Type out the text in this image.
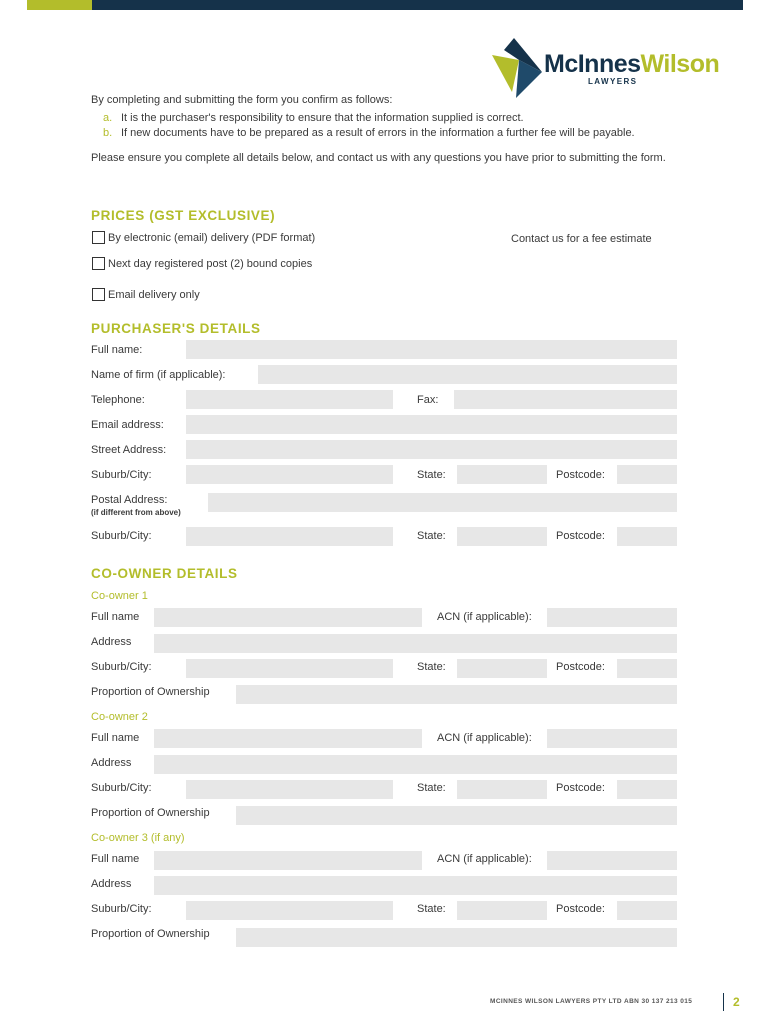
McInnesWilson
LAWYERS

By completing and submitting the form you confirm as follows:

a. It is the purchaser's responsibility to ensure that the information supplied is correct.
b. If new documents have to be prepared as a result of errors in the information a further fee will be payable.

Please ensure you complete all details below, and contact us with any questions you have prior to submitting the form.

PRICES (GST EXCLUSIVE)
By electronic (email) delivery (PDF format)	Contact us for a fee estimate
Next day registered post (2) bound copies
Email delivery only
PURCHASER'S DETAILS
Full name:
Name of firm (if applicable):
Telephone:	Fax:
Email address:
Street Address:
Suburb/City:	State:	Postcode:
Postal Address:
(if different from above)
Suburb/City:	State:	Postcode:
CO-OWNER DETAILS
Co-owner 1
Full name	ACN (if applicable):
Address
Suburb/City:	State:	Postcode:
Proportion of Ownership
Co-owner 2
Full name	ACN (if applicable):
Address
Suburb/City:	State:	Postcode:
Proportion of Ownership
Co-owner 3 (if any)
Full name	ACN (if applicable):
Address
Suburb/City:	State:	Postcode:
Proportion of Ownership
MCINNES WILSON LAWYERS PTY LTD ABN 30 137 213 015	2
